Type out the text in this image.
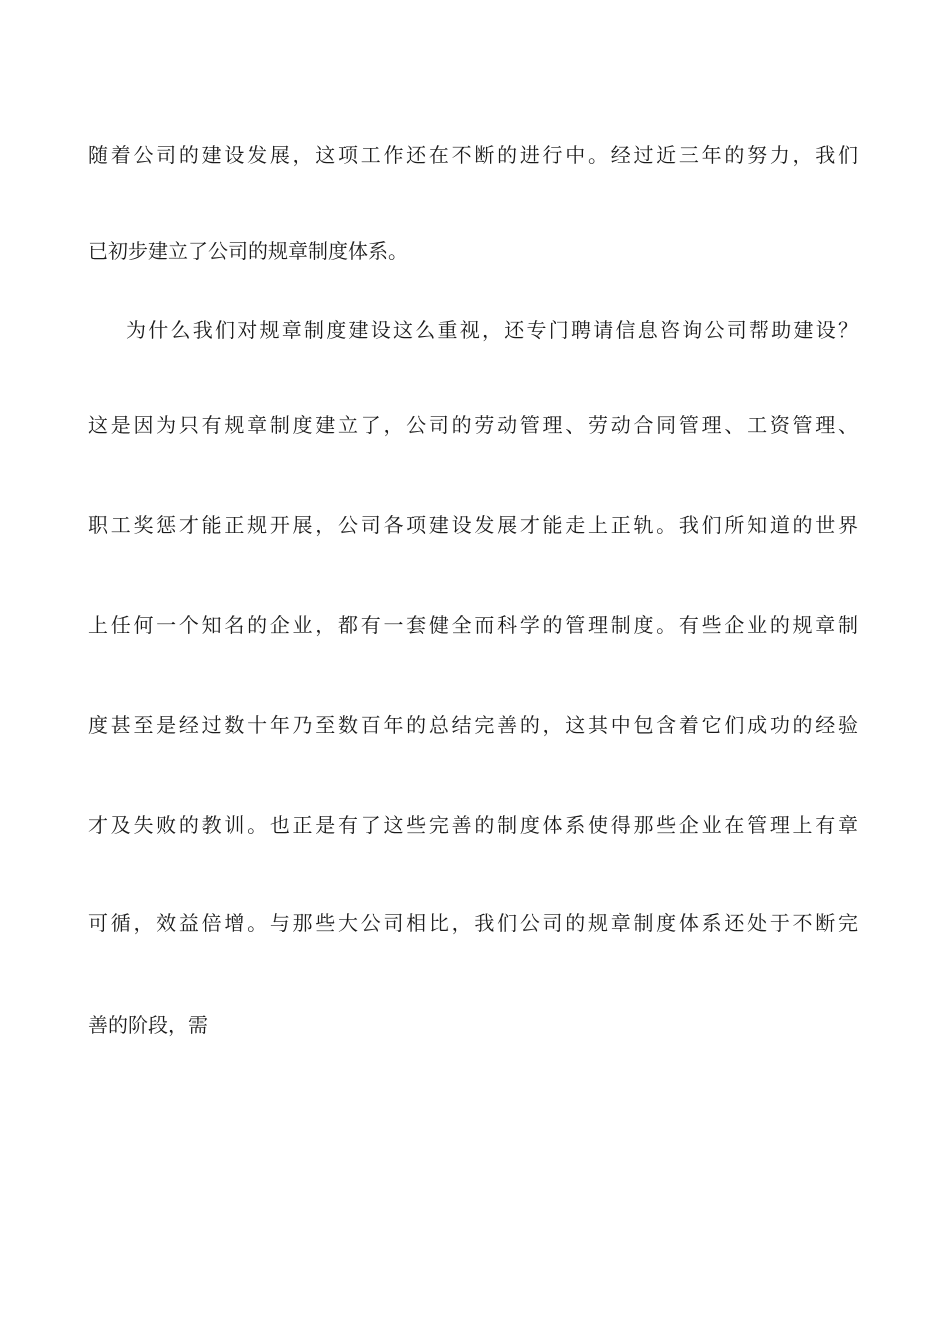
随着公司的建设发展，这项工作还在不断的进行中。经过近三年的努力，我们
已初步建立了公司的规章制度体系。
为什么我们对规章制度建设这么重视，还专门聘请信息咨询公司帮助建设？
这是因为只有规章制度建立了，公司的劳动管理、劳动合同管理、工资管理、
职工奖惩才能正规开展，公司各项建设发展才能走上正轨。我们所知道的世界
上任何一个知名的企业，都有一套健全而科学的管理制度。有些企业的规章制
度甚至是经过数十年乃至数百年的总结完善的，这其中包含着它们成功的经验
才及失败的教训。也正是有了这些完善的制度体系使得那些企业在管理上有章
可循，效益倍增。与那些大公司相比，我们公司的规章制度体系还处于不断完
善的阶段，需
